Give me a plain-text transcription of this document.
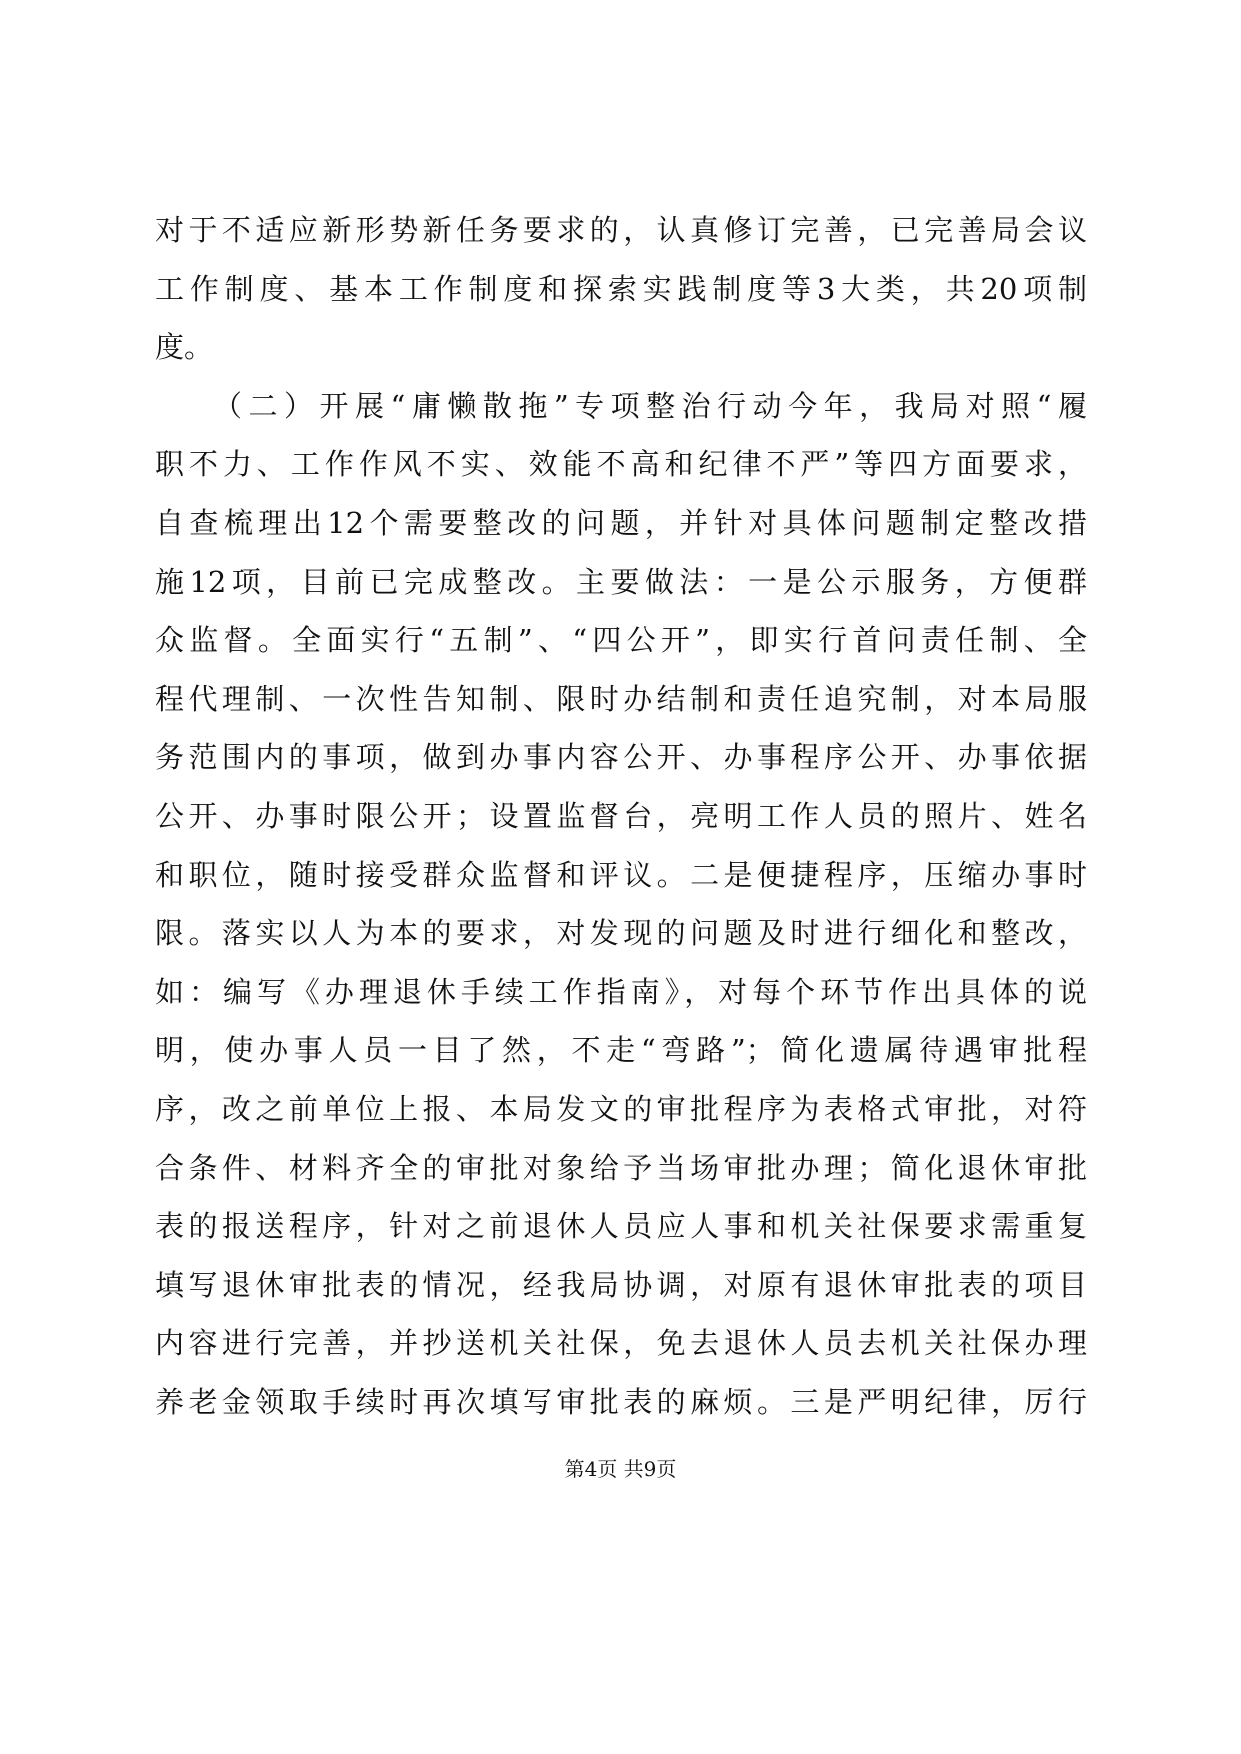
对于不适应新形势新任务要求的，认真修订完善，已完善局会议
工作制度、基本工作制度和探索实践制度等3大类，共20项制
度。
（二）开展“庸懒散拖”专项整治行动今年，我局对照“履
职不力、工作作风不实、效能不高和纪律不严”等四方面要求，
自查梳理出12个需要整改的问题，并针对具体问题制定整改措
施12项，目前已完成整改。主要做法：一是公示服务，方便群
众监督。全面实行“五制”、“四公开”，即实行首问责任制、全
程代理制、一次性告知制、限时办结制和责任追究制，对本局服
务范围内的事项，做到办事内容公开、办事程序公开、办事依据
公开、办事时限公开；设置监督台，亮明工作人员的照片、姓名
和职位，随时接受群众监督和评议。二是便捷程序，压缩办事时
限。落实以人为本的要求，对发现的问题及时进行细化和整改，
如：编写《办理退休手续工作指南》，对每个环节作出具体的说
明，使办事人员一目了然，不走“弯路”；简化遗属待遇审批程
序，改之前单位上报、本局发文的审批程序为表格式审批，对符
合条件、材料齐全的审批对象给予当场审批办理；简化退休审批
表的报送程序，针对之前退休人员应人事和机关社保要求需重复
填写退休审批表的情况，经我局协调，对原有退休审批表的项目
内容进行完善，并抄送机关社保，免去退休人员去机关社保办理
养老金领取手续时再次填写审批表的麻烦。三是严明纪律，厉行
第4页 共9页
